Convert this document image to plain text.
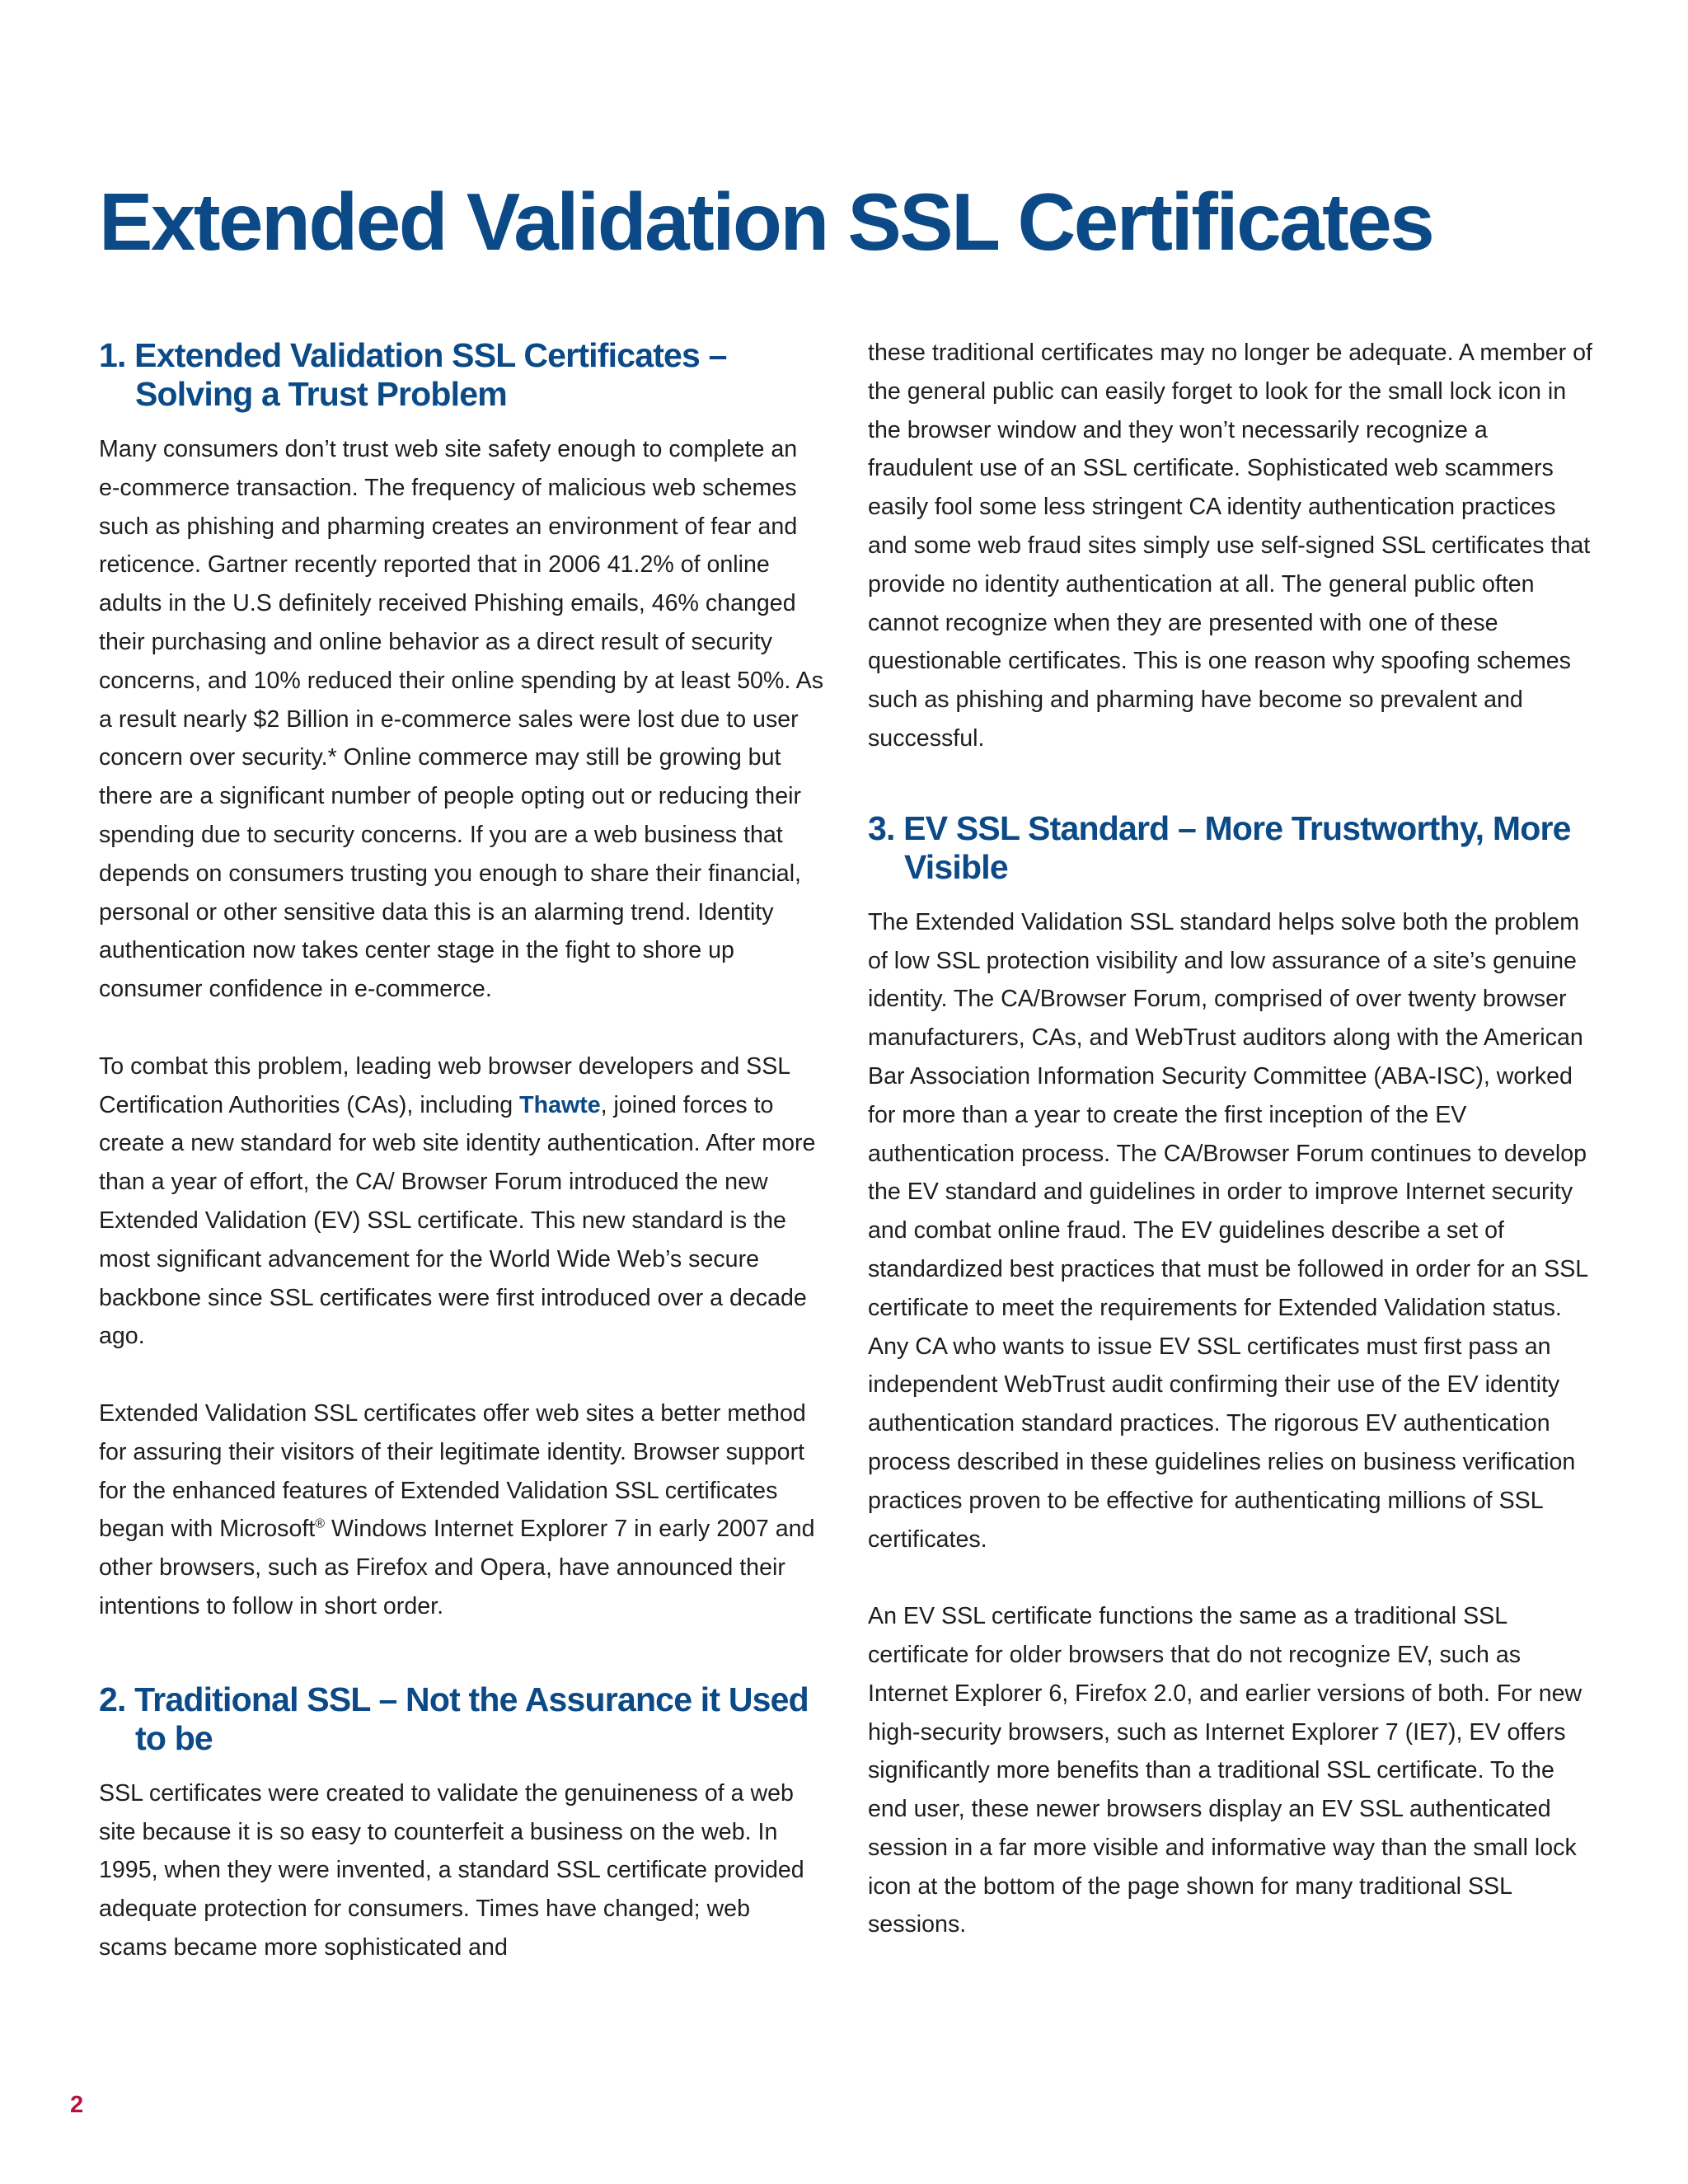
Extended Validation SSL Certificates
1. Extended Validation SSL Certificates – Solving a Trust Problem

Many consumers don’t trust web site safety enough to complete an e-commerce transaction. The frequency of malicious web schemes such as phishing and pharming creates an environment of fear and reticence. Gartner recently reported that in 2006 41.2% of online adults in the U.S definitely received Phishing emails, 46% changed their purchasing and online behavior as a direct result of security concerns, and 10% reduced their online spending by at least 50%. As a result nearly $2 Billion in e-commerce sales were lost due to user concern over security.* Online commerce may still be growing but there are a significant number of people opting out or reducing their spending due to security concerns. If you are a web business that depends on consumers trusting you enough to share their financial, personal or other sensitive data this is an alarming trend. Identity authentication now takes center stage in the fight to shore up consumer confidence in e-commerce.

To combat this problem, leading web browser developers and SSL Certification Authorities (CAs), including Thawte, joined forces to create a new standard for web site identity authentication. After more than a year of effort, the CA/ Browser Forum introduced the new Extended Validation (EV) SSL certificate. This new standard is the most significant advancement for the World Wide Web’s secure backbone since SSL certificates were first introduced over a decade ago.

Extended Validation SSL certificates offer web sites a better method for assuring their visitors of their legitimate identity. Browser support for the enhanced features of Extended Validation SSL certificates began with Microsoft® Windows Internet Explorer 7 in early 2007 and other browsers, such as Firefox and Opera, have announced their intentions to follow in short order.

2. Traditional SSL – Not the Assurance it Used to be

SSL certificates were created to validate the genuineness of a web site because it is so easy to counterfeit a business on the web. In 1995, when they were invented, a standard SSL certificate provided adequate protection for consumers. Times have changed; web scams became more sophisticated and

these traditional certificates may no longer be adequate. A member of the general public can easily forget to look for the small lock icon in the browser window and they won’t necessarily recognize a fraudulent use of an SSL certificate. Sophisticated web scammers easily fool some less stringent CA identity authentication practices and some web fraud sites simply use self-signed SSL certificates that provide no identity authentication at all. The general public often cannot recognize when they are presented with one of these questionable certificates. This is one reason why spoofing schemes such as phishing and pharming have become so prevalent and successful.

3. EV SSL Standard – More Trustworthy, More Visible

The Extended Validation SSL standard helps solve both the problem of low SSL protection visibility and low assurance of a site’s genuine identity. The CA/Browser Forum, comprised of over twenty browser manufacturers, CAs, and WebTrust auditors along with the American Bar Association Information Security Committee (ABA-ISC), worked for more than a year to create the first inception of the EV authentication process. The CA/Browser Forum continues to develop the EV standard and guidelines in order to improve Internet security and combat online fraud. The EV guidelines describe a set of standardized best practices that must be followed in order for an SSL certificate to meet the requirements for Extended Validation status. Any CA who wants to issue EV SSL certificates must first pass an independent WebTrust audit confirming their use of the EV identity authentication standard practices. The rigorous EV authentication process described in these guidelines relies on business verification practices proven to be effective for authenticating millions of SSL certificates.

An EV SSL certificate functions the same as a traditional SSL certificate for older browsers that do not recognize EV, such as Internet Explorer 6, Firefox 2.0, and earlier versions of both. For new high-security browsers, such as Internet Explorer 7 (IE7), EV offers significantly more benefits than a traditional SSL certificate. To the end user, these newer browsers display an EV SSL authenticated session in a far more visible and informative way than the small lock icon at the bottom of the page shown for many traditional SSL sessions.

2
